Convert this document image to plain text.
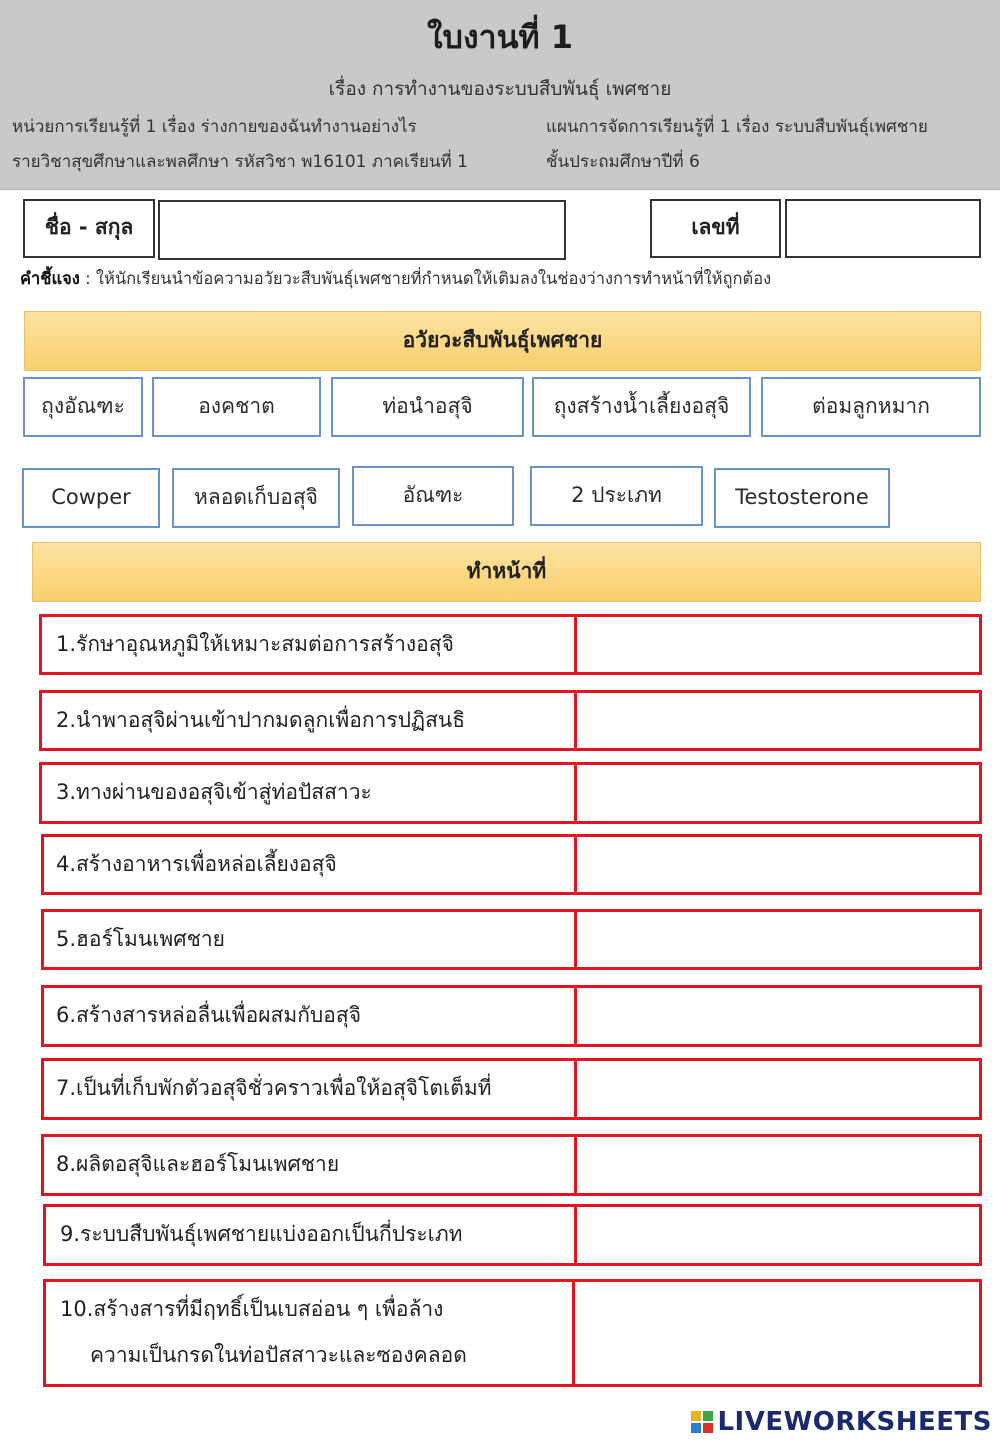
ใบงานที่ 1
เรื่อง การทำงานของระบบสืบพันธุ์ เพศชาย
หน่วยการเรียนรู้ที่ 1 เรื่อง ร่างกายของฉันทำงานอย่างไร	แผนการจัดการเรียนรู้ที่ 1 เรื่อง ระบบสืบพันธุ์เพศชาย
รายวิชาสุขศึกษาและพลศึกษา รหัสวิชา พ16101 ภาคเรียนที่ 1	ชั้นประถมศึกษาปีที่ 6
ชื่อ - สกุล	เลขที่
คำชี้แจง : ให้นักเรียนนำข้อความอวัยวะสืบพันธุ์เพศชายที่กำหนดให้เติมลงในช่องว่างการทำหน้าที่ให้ถูกต้อง
อวัยวะสืบพันธุ์เพศชาย
ถุงอัณฑะ	องคชาต	ท่อนำอสุจิ	ถุงสร้างน้ำเลี้ยงอสุจิ	ต่อมลูกหมาก
Cowper	หลอดเก็บอสุจิ	อัณฑะ	2 ประเภท	Testosterone
ทำหน้าที่
1.รักษาอุณหภูมิให้เหมาะสมต่อการสร้างอสุจิ
2.นำพาอสุจิผ่านเข้าปากมดลูกเพื่อการปฏิสนธิ
3.ทางผ่านของอสุจิเข้าสู่ท่อปัสสาวะ
4.สร้างอาหารเพื่อหล่อเลี้ยงอสุจิ
5.ฮอร์โมนเพศชาย
6.สร้างสารหล่อลื่นเพื่อผสมกับอสุจิ
7.เป็นที่เก็บพักตัวอสุจิชั่วคราวเพื่อให้อสุจิโตเต็มที่
8.ผลิตอสุจิและฮอร์โมนเพศชาย
9.ระบบสืบพันธุ์เพศชายแบ่งออกเป็นกี่ประเภท
10.สร้างสารที่มีฤทธิ์เป็นเบสอ่อน ๆ เพื่อล้าง
ความเป็นกรดในท่อปัสสาวะและซองคลอด
LIVEWORKSHEETS
